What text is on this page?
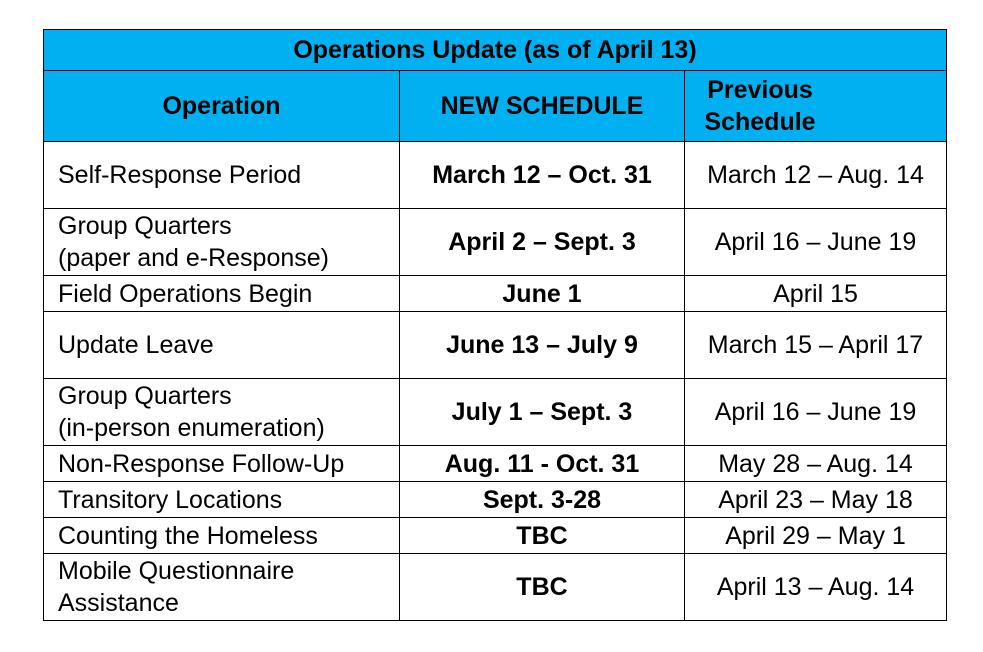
Operations Update (as of April 13)		
Operation	NEW SCHEDULE	Previous Schedule

Self-Response Period	March 12 – Oct. 31	March 12 – Aug. 14

Group Quarters
(paper and e-Response)	April 2 – Sept. 3	April 16 – June 19
Field Operations Begin	June 1	April 15
Update Leave	June 13 – July 9	March 15 – April 17

Group Quarters
(in-person enumeration)	July 1 – Sept. 3	April 16 – June 19
Non-Response Follow-Up	Aug. 11 - Oct. 31	May 28 – Aug. 14
Transitory Locations	Sept. 3-28	April 23 – May 18
Counting the Homeless	TBC	April 29 – May 1

Mobile Questionnaire
Assistance	TBC	April 13 – Aug. 14
